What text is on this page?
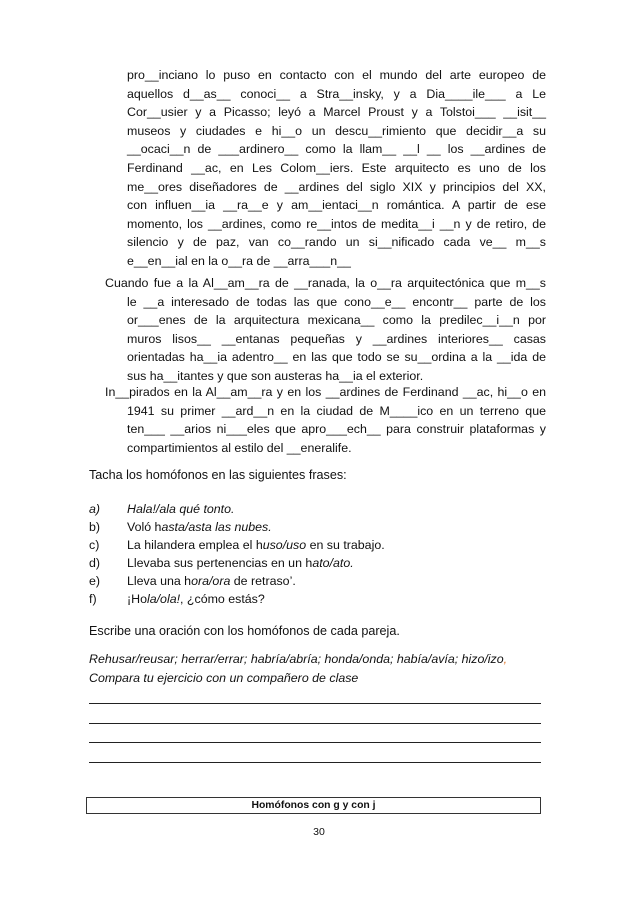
pro__inciano lo puso en contacto con el mundo del arte europeo de
aquellos d__as__ conoci__ a Stra__insky, y a Dia____ile___ a Le
Cor__usier y a Picasso; leyó a Marcel Proust y a Tolstoi___ __isit__
museos y ciudades e hi__o un descu__rimiento que decidir__a su
__ocaci__n de ___ardinero__ como la llam__ __l __ los __ardines de
Ferdinand __ac, en Les Colom__iers. Este arquitecto es uno de los
me__ores diseñadores de __ardines del siglo XIX y principios del XX,
con influen__ia __ra__e y am__ientaci__n romántica. A partir de ese
momento, los __ardines, como re__intos de medita__i __n y de retiro, de
silencio y de paz, van co__rando un si__nificado cada ve__ m__s
e__en__ial en la o__ra de __arra___n__
Cuando fue a la Al__am__ra de __ranada, la o__ra arquitectónica que m__s
le __a interesado de todas las que cono__e__ encontr__ parte de los
or___enes de la arquitectura mexicana__ como la predilec__i__n por
muros lisos__ __entanas pequeñas y __ardines interiores__ casas
orientadas ha__ia adentro__ en las que todo se su__ordina a la __ida de
sus ha__itantes y que son austeras ha__ia el exterior.
In__pirados en la Al__am__ra y en los __ardines de Ferdinand __ac, hi__o en
1941 su primer __ard__n en la ciudad de M____ico en un terreno que
ten___ __arios ni___eles que apro___ech__ para construir plataformas y
compartimientos al estilo del __eneralife.
Tacha los homófonos en las siguientes frases:
a) Hala!/ala qué tonto.
b) Voló hasta/asta las nubes.
c) La hilandera emplea el huso/uso en su trabajo.
d) Llevaba sus pertenencias en un hato/ato.
e) Lleva una hora/ora de retraso’.
f) ¡Hola/ola!, ¿cómo estás?
Escribe una oración con los homófonos de cada pareja.
Rehusar/reusar; herrar/errar; habría/abría; honda/onda; había/avía; hizo/izo,
Compara tu ejercicio con un compañero de clase
Homófonos con g y con j
30
